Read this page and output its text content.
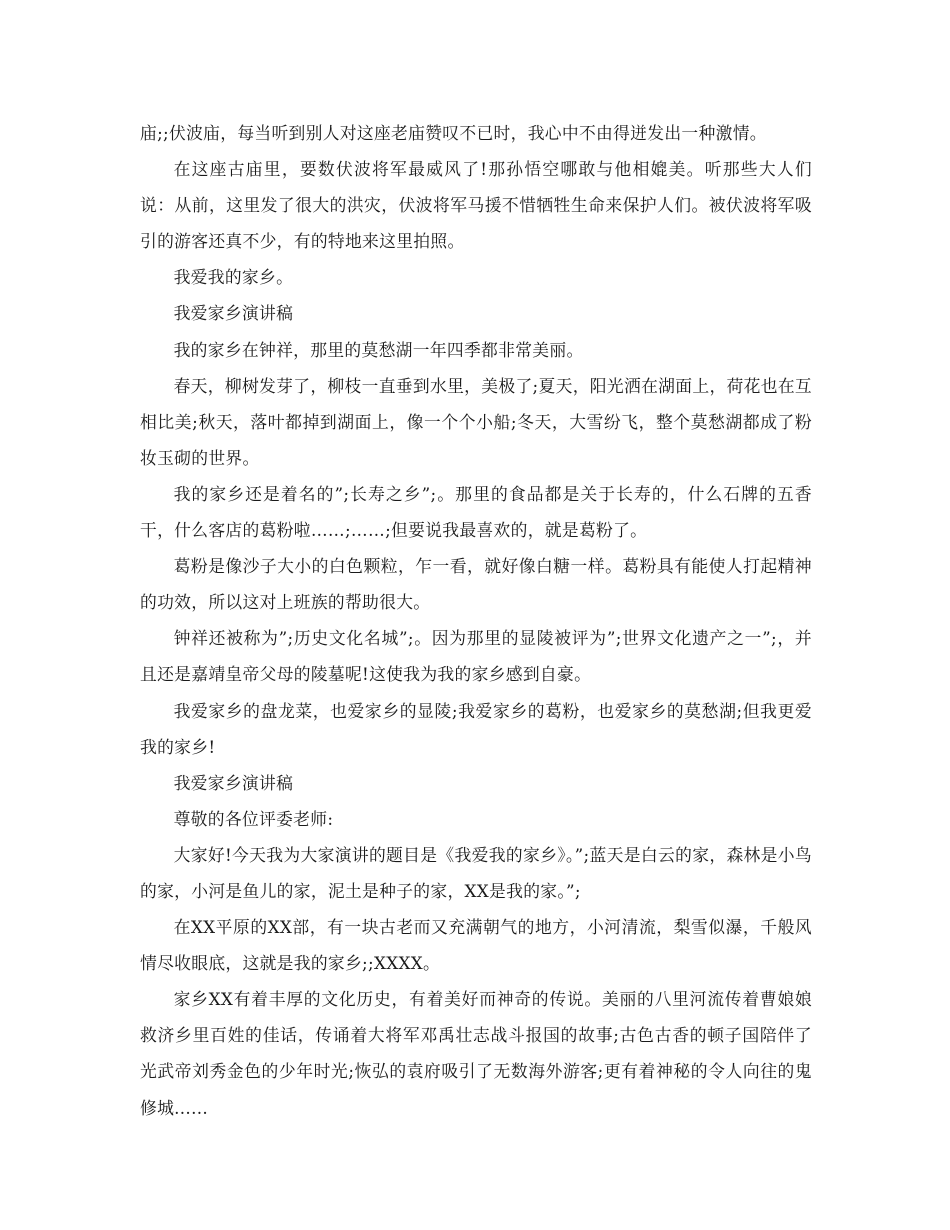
庙;;伏波庙，每当听到别人对这座老庙赞叹不已时，我心中不由得迸发出一种激情。

在这座古庙里，要数伏波将军最威风了!那孙悟空哪敢与他相媲美。听那些大人们说：从前，这里发了很大的洪灾，伏波将军马援不惜牺牲生命来保护人们。被伏波将军吸引的游客还真不少，有的特地来这里拍照。

我爱我的家乡。

我爱家乡演讲稿

我的家乡在钟祥，那里的莫愁湖一年四季都非常美丽。

春天，柳树发芽了，柳枝一直垂到水里，美极了;夏天，阳光洒在湖面上，荷花也在互相比美;秋天，落叶都掉到湖面上，像一个个小船;冬天，大雪纷飞，整个莫愁湖都成了粉妆玉砌的世界。

我的家乡还是着名的”;长寿之乡”;。那里的食品都是关于长寿的，什么石牌的五香干，什么客店的葛粉啦……;……;但要说我最喜欢的，就是葛粉了。

葛粉是像沙子大小的白色颗粒，乍一看，就好像白糖一样。葛粉具有能使人打起精神的功效，所以这对上班族的帮助很大。

钟祥还被称为”;历史文化名城”;。因为那里的显陵被评为”;世界文化遗产之一”;，并且还是嘉靖皇帝父母的陵墓呢!这使我为我的家乡感到自豪。

我爱家乡的盘龙菜，也爱家乡的显陵;我爱家乡的葛粉，也爱家乡的莫愁湖;但我更爱我的家乡!

我爱家乡演讲稿

尊敬的各位评委老师:

大家好!今天我为大家演讲的题目是《我爱我的家乡》。”;蓝天是白云的家，森林是小鸟的家，小河是鱼儿的家，泥土是种子的家，XX是我的家。”;

在XX平原的XX部，有一块古老而又充满朝气的地方，小河清流，梨雪似瀑，千般风情尽收眼底，这就是我的家乡;;XXXX。

家乡XX有着丰厚的文化历史，有着美好而神奇的传说。美丽的八里河流传着曹娘娘救济乡里百姓的佳话，传诵着大将军邓禹壮志战斗报国的故事;古色古香的顿子国陪伴了光武帝刘秀金色的少年时光;恢弘的袁府吸引了无数海外游客;更有着神秘的令人向往的鬼修城......
